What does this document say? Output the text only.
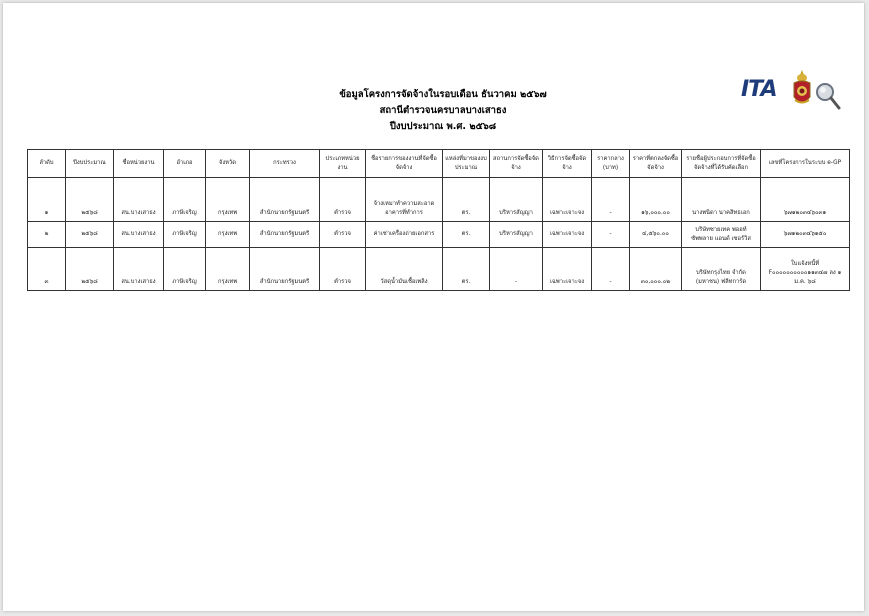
ข้อมูลโครงการจัดจ้างในรอบเดือน ธันวาคม ๒๕๖๗
สถานีตำรวจนครบาลบางเสาธง
ปีงบประมาณ พ.ศ. ๒๕๖๘
ITA
ลำดับ	ปีงบประมาณ	ชื่อหน่วยงาน	อำเภอ	จังหวัด	กระทรวง	ประเภทหน่วยงาน	ชื่อรายการของงานที่จัดซื้อจัดจ้าง	แหล่งที่มาของงบประมาณ	สถานการจัดซื้อจัดจ้าง	วิธีการจัดซื้อจัดจ้าง	ราคากลาง (บาท)	ราคาที่ตกลงจัดซื้อจัดจ้าง	รายชื่อผู้ประกอบการที่จัดซื้อจัดจ้างที่ได้รับคัดเลือก	เลขที่โครงการในระบบ e-GP
๑	๒๕๖๘	สน.บางเสาธง	ภาษีเจริญ	กรุงเทพ	สำนักนายกรัฐมนตรี	ตำรวจ	จ้างเหมาทำความสะอาดอาคารที่ทำการ	ตร.	บริหารสัญญา	เฉพาะเจาะจง	-	๑๖,๐๐๐.๐๐	นางพนิดา นาคสิทธเอก	๖๗๑๒๐๓๔๖๐๓๑
๒	๒๕๖๘	สน.บางเสาธง	ภาษีเจริญ	กรุงเทพ	สำนักนายกรัฐมนตรี	ตำรวจ	ค่าเช่าเครื่องถ่ายเอกสาร	ตร.	บริหารสัญญา	เฉพาะเจาะจง	-	๔,๕๖๐.๐๐	บริษัทซายเทค พออท์ ซัพพลาย แอนด์ เซอร์วิส	๖๗๑๒๐๓๔๖๑๕๐
๓	๒๕๖๘	สน.บางเสาธง	ภาษีเจริญ	กรุงเทพ	สำนักนายกรัฐมนตรี	ตำรวจ	วัสดุน้ำมันเชื้อเพลิง	ตร.	-	เฉพาะเจาะจง	-	๓๐,๐๐๐.๐๒	บริษัทกรุงไทย จำกัด (มหาชน) ฟลีทการ์ด	ใบแจ้งหนี้ที่ F๐๐๐๐๐๐๐๐๐๐๑๑๓๔๗ ลง ๑ ม.ค. ๖๘
